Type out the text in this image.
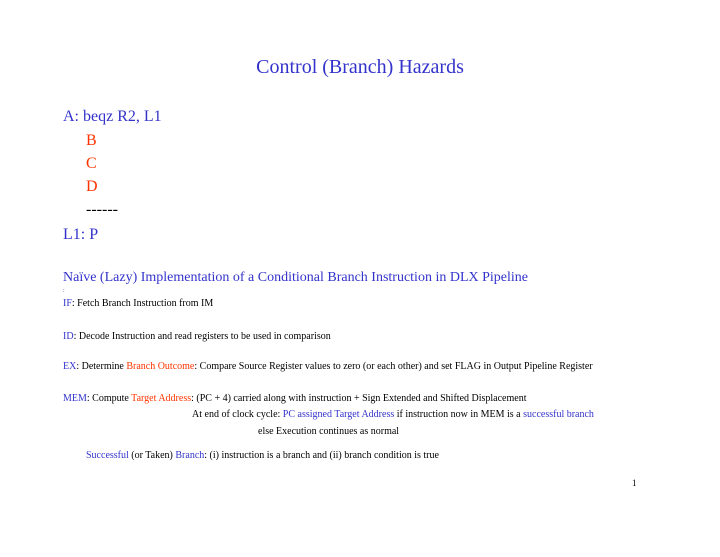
Control (Branch) Hazards
A: beqz R2, L1
B
C
D
------
L1: P
Naïve (Lazy) Implementation of a Conditional Branch Instruction in DLX Pipeline
:
IF: Fetch Branch Instruction from IM
ID: Decode Instruction and read registers to be used in comparison
EX: Determine Branch Outcome: Compare Source Register values to zero (or each other) and set FLAG in Output Pipeline Register
MEM: Compute Target Address: (PC + 4) carried along with instruction + Sign Extended and Shifted Displacement
At end of clock cycle: PC assigned Target Address if instruction now in MEM is a successful branch
else Execution continues as normal
Successful (or Taken) Branch: (i) instruction is a branch and (ii) branch condition is true
1
